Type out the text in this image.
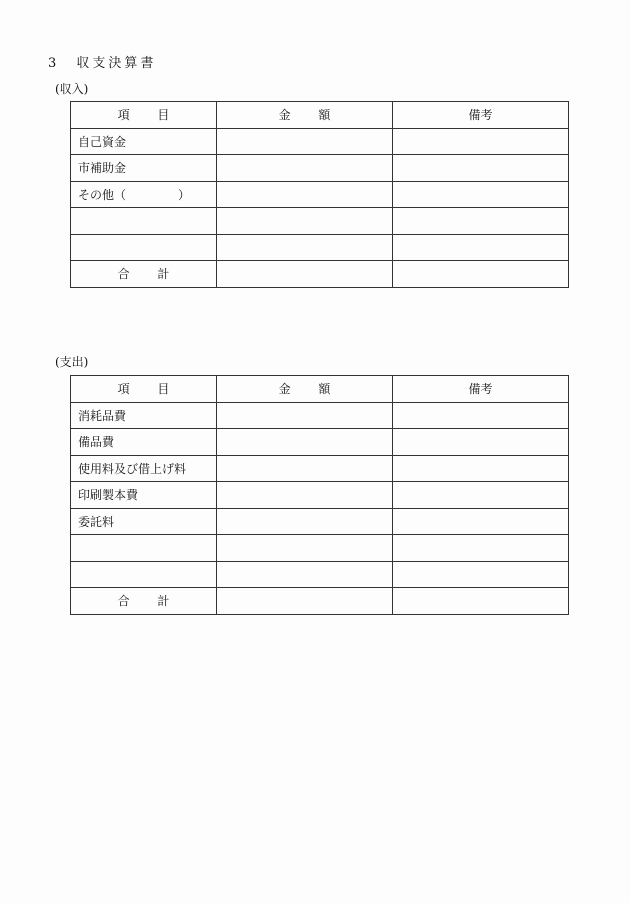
3 収支決算書
(収入)
項 目	金 額	備考
自己資金		
市補助金		
その他（ ）		

合 計		
(支出)
項 目	金 額	備考
消耗品費		
備品費		
使用料及び借上げ料		
印刷製本費		
委託料		

合 計		
